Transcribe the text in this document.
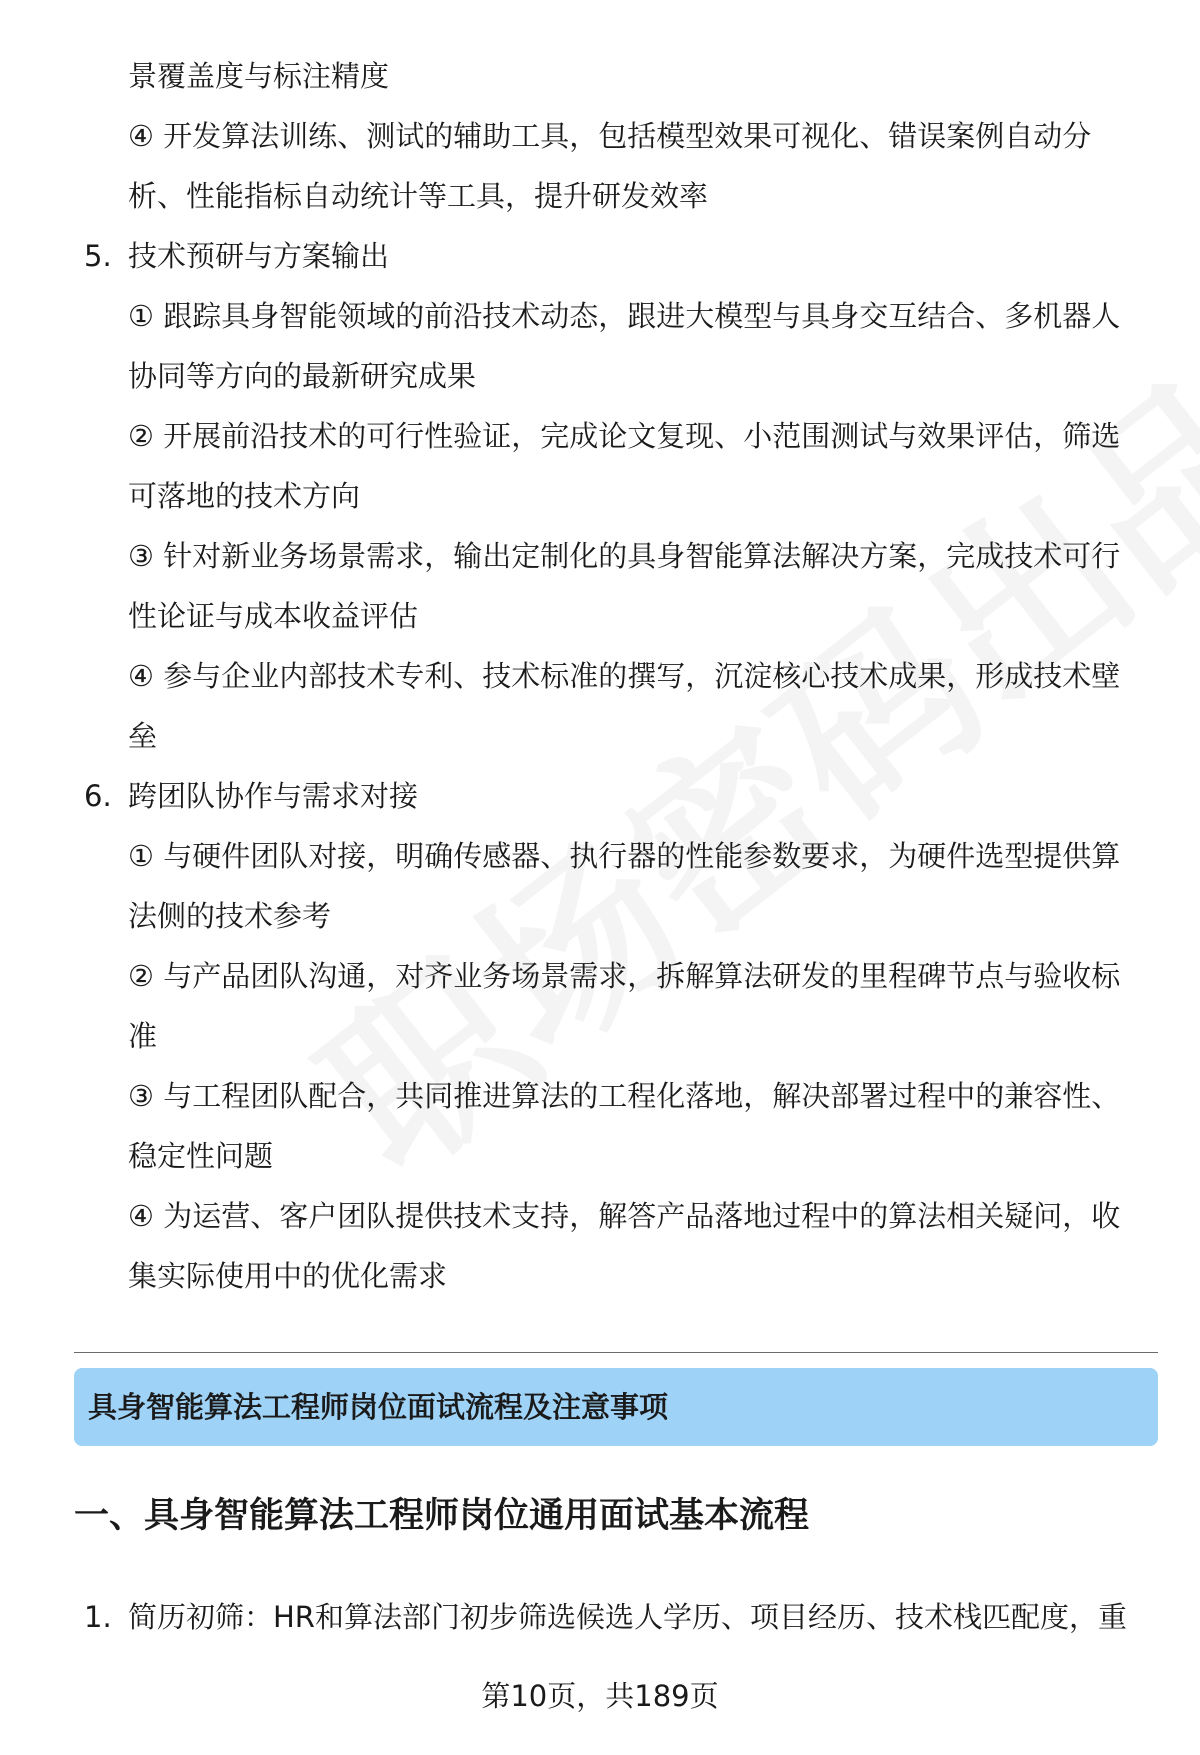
景覆盖度与标注精度
④ 开发算法训练、测试的辅助工具，包括模型效果可视化、错误案例自动分
析、性能指标自动统计等工具，提升研发效率
5. 技术预研与方案输出
① 跟踪具身智能领域的前沿技术动态，跟进大模型与具身交互结合、多机器人
协同等方向的最新研究成果
② 开展前沿技术的可行性验证，完成论文复现、小范围测试与效果评估，筛选
可落地的技术方向
③ 针对新业务场景需求，输出定制化的具身智能算法解决方案，完成技术可行
性论证与成本收益评估
④ 参与企业内部技术专利、技术标准的撰写，沉淀核心技术成果，形成技术壁
垒
6. 跨团队协作与需求对接
① 与硬件团队对接，明确传感器、执行器的性能参数要求，为硬件选型提供算
法侧的技术参考
② 与产品团队沟通，对齐业务场景需求，拆解算法研发的里程碑节点与验收标
准
③ 与工程团队配合，共同推进算法的工程化落地，解决部署过程中的兼容性、
稳定性问题
④ 为运营、客户团队提供技术支持，解答产品落地过程中的算法相关疑问，收
集实际使用中的优化需求
具身智能算法工程师岗位面试流程及注意事项
一、具身智能算法工程师岗位通用面试基本流程
1. 简历初筛：HR和算法部门初步筛选候选人学历、项目经历、技术栈匹配度，重
第10页，共189页
